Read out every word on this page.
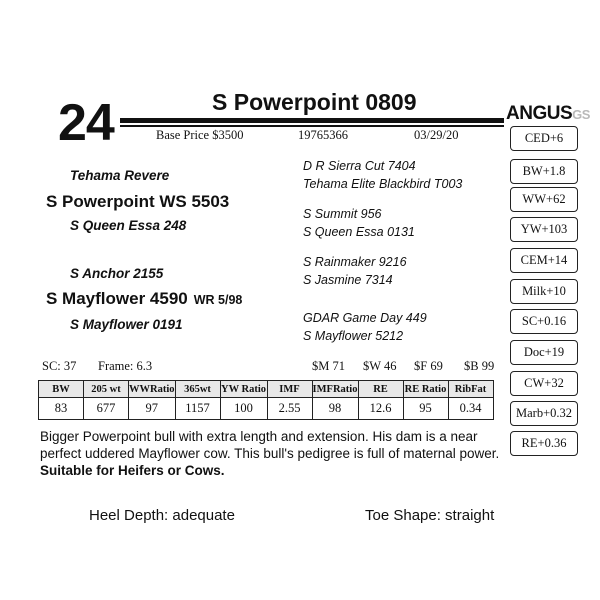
24	S Powerpoint 0809
Base Price $3500	19765366	03/29/20
ANGUSGS
CED+6
BW+1.8
WW+62
YW+103
CEM+14
Milk+10
SC+0.16
Doc+19
CW+32
Marb+0.32
RE+0.36
Tehama Revere
S Powerpoint WS 5503
S Queen Essa 248
S Anchor 2155
S Mayflower 4590 WR 5/98
S Mayflower 0191
D R Sierra Cut 7404
Tehama Elite Blackbird T003
S Summit 956
S Queen Essa 0131
S Rainmaker 9216
S Jasmine 7314
GDAR Game Day 449
S Mayflower 5212
SC: 37 Frame: 6.3	$M 71 $W 46 $F 69 $B 99
BW	205 wt	WWRatio	365wt	YW Ratio	IMF	IMFRatio	RE	RE Ratio	RibFat
83	677	97	1157	100	2.55	98	12.6	95	0.34
Bigger Powerpoint bull with extra length and extension. His dam is a near perfect uddered Mayflower cow. This bull's pedigree is full of maternal power. Suitable for Heifers or Cows.
Heel Depth: adequate	Toe Shape: straight
